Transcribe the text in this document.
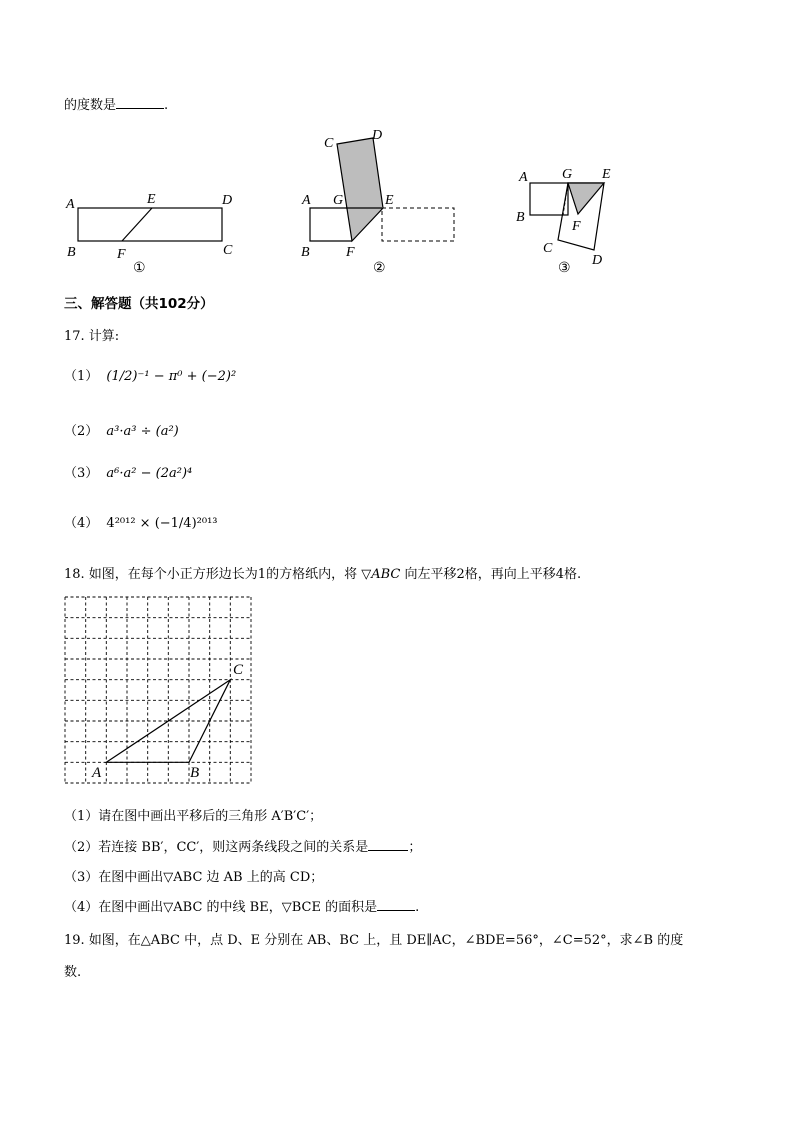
的度数是	.
A
B
E	D
F	C
①
C
D
A G	E
B	F
②
A G E
B
F
C
D
③
三、解答题（共102分）
17. 计算:
（1） (1/2)⁻¹ − π⁰ + (−2)²
（2） a³·a³ ÷ (a²)
（3） a⁶·a² − (2a²)⁴
（4） 4²⁰¹² × (−1/4)²⁰¹³
18. 如图，在每个小正方形边长为1的方格纸内，将 ▽ABC 向左平移2格，再向上平移4格.
A	B
C
（1）请在图中画出平移后的三角形 A′B′C′；
（2）若连接 BB′，CC′，则这两条线段之间的关系是	；
（3）在图中画出▽ABC 边 AB 上的高 CD；
（4）在图中画出▽ABC 的中线 BE，▽BCE 的面积是	.
19. 如图，在△ABC 中，点 D、E 分别在 AB、BC 上，且 DE∥AC，∠BDE=56°，∠C=52°，求∠B 的度
数.
